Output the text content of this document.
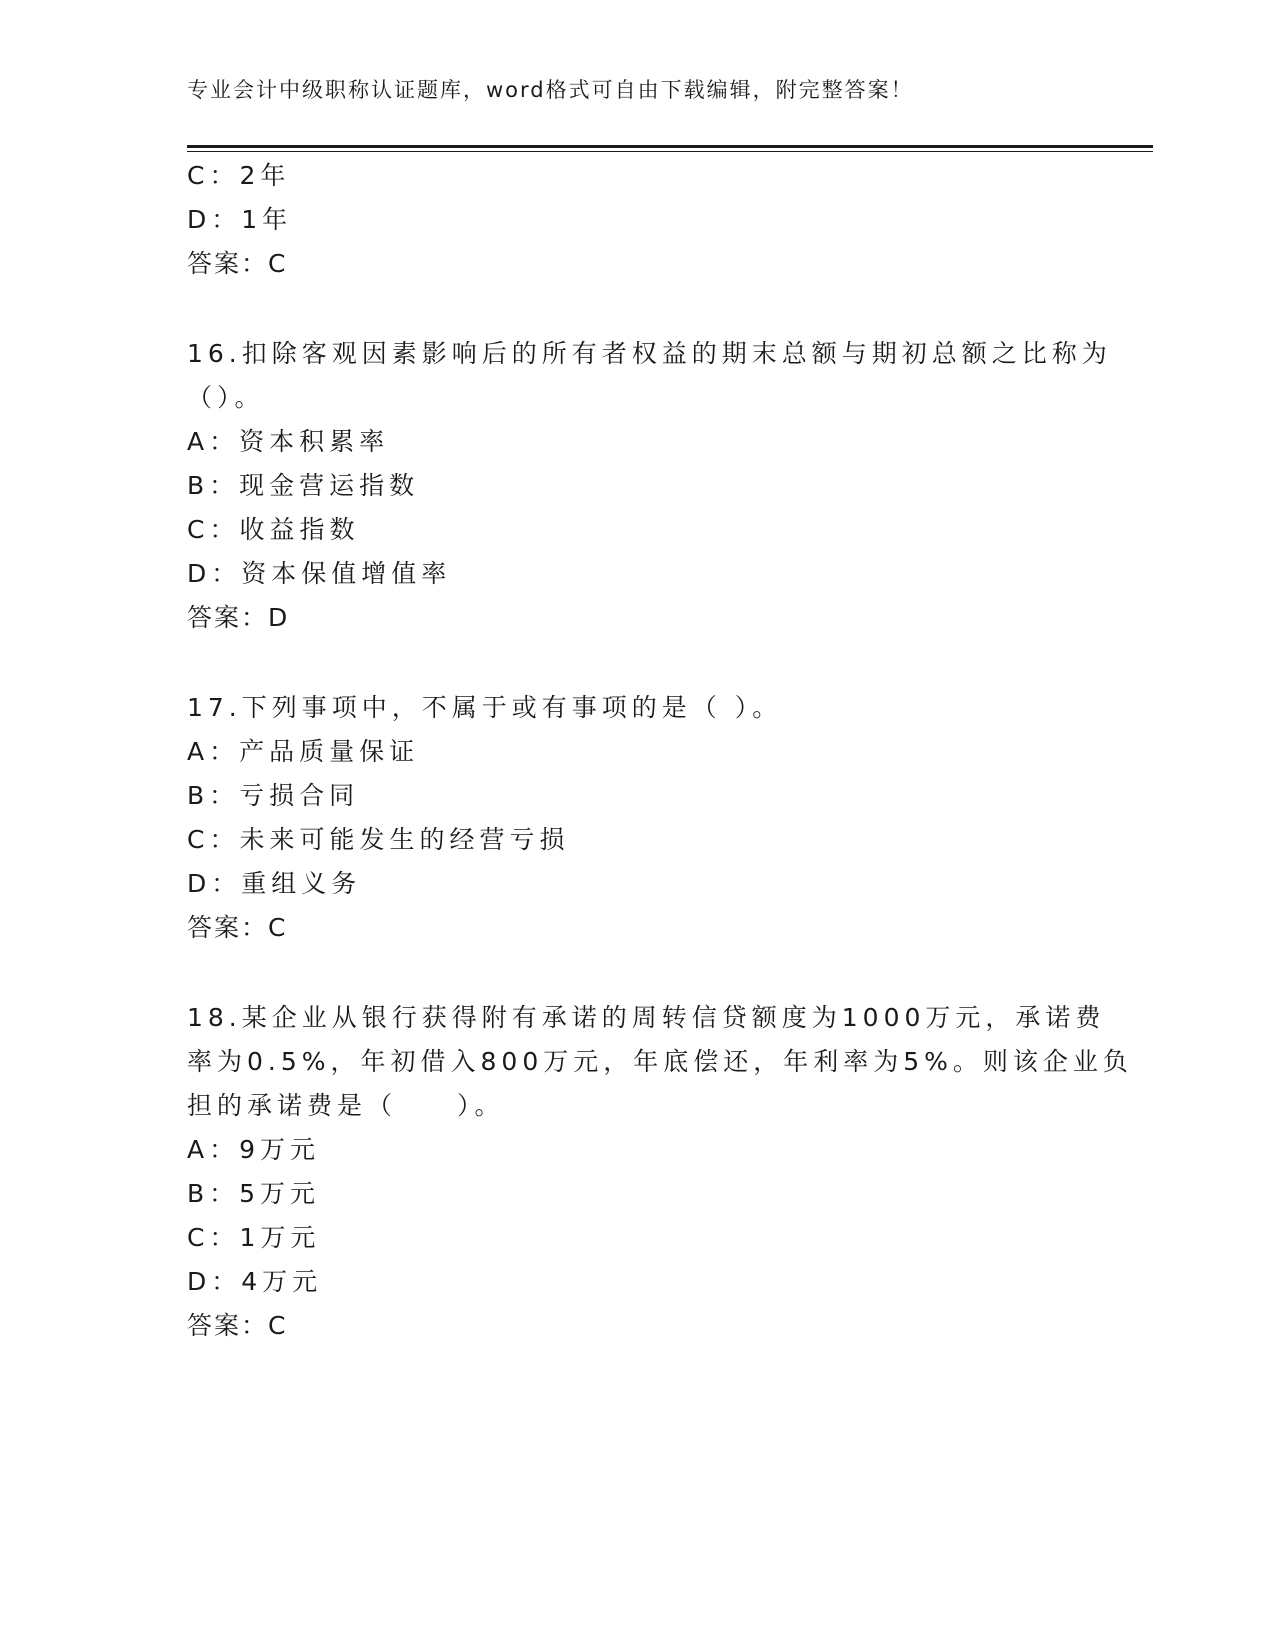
专业会计中级职称认证题库，word格式可自由下载编辑，附完整答案！
C：2年
D：1年
答案：C
16.扣除客观因素影响后的所有者权益的期末总额与期初总额之比称为
（）。
A：资本积累率
B：现金营运指数
C：收益指数
D：资本保值增值率
答案：D
17.下列事项中，不属于或有事项的是（ ）。
A：产品质量保证
B：亏损合同
C：未来可能发生的经营亏损
D：重组义务
答案：C
18.某企业从银行获得附有承诺的周转信贷额度为1000万元，承诺费
率为0.5%，年初借入800万元，年底偿还，年利率为5%。则该企业负
担的承诺费是（　　）。
A：9万元
B：5万元
C：1万元
D：4万元
答案：C
